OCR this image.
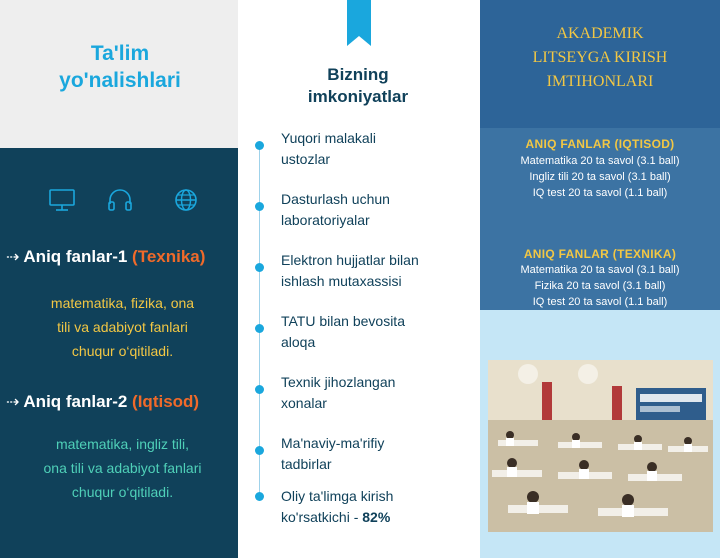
Ta'lim
yo'nalishlari
⇢ Aniq fanlar-1 (Texnika)
matematika, fizika, ona
tili va adabiyot fanlari
chuqur o‘qitiladi.
⇢ Aniq fanlar-2 (Iqtisod)
matematika, ingliz tili,
ona tili va adabiyot fanlari
chuqur o‘qitiladi.
Bizning
imkoniyatlar
Yuqori malakali
ustozlar
Dasturlash uchun
laboratoriyalar
Elektron hujjatlar bilan
ishlash mutaxassisi
TATU bilan bevosita
aloqa
Texnik jihozlangan
xonalar
Ma'naviy-ma'rifiy
tadbirlar
Oliy ta'limga kirish
ko'rsatkichi - 82%
AKADEMIK
LITSEYGA KIRISH
IMTIHONLARI
ANIQ FANLAR (IQTISOD)
Matematika 20 ta savol (3.1 ball)
Ingliz tili 20 ta savol (3.1 ball)
IQ test 20 ta savol (1.1 ball)
ANIQ FANLAR (TEXNIKA)
Matematika 20 ta savol (3.1 ball)
Fizika 20 ta savol (3.1 ball)
IQ test 20 ta savol (1.1 ball)
